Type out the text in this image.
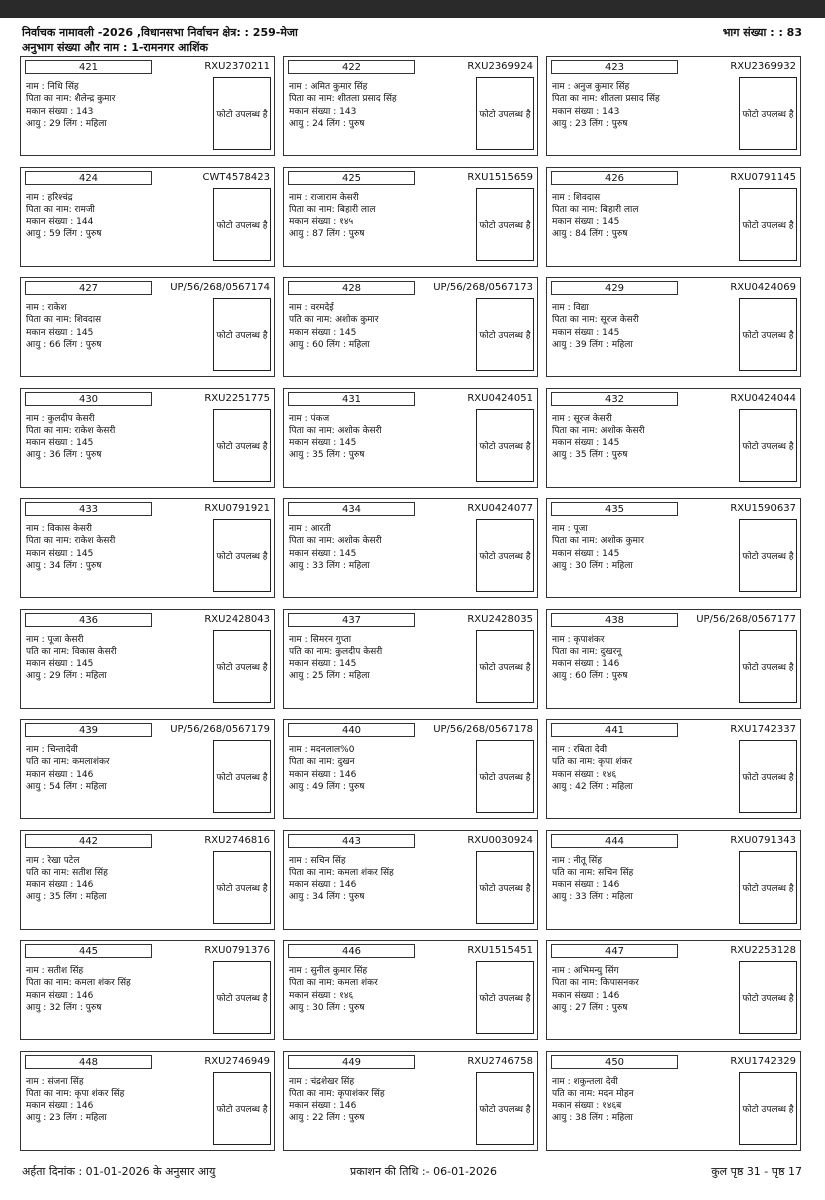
निर्वाचक नामावली -2026 ,विधानसभा निर्वाचन क्षेत्र: : 259-मेजा	भाग संख्या : : 83
अनुभाग संख्या और नाम : 1-रामनगर आशिंक
421	RXU2370211
नाम : निधि सिंह
पिता का नाम: शैलेन्द्र कुमार
मकान संख्या : 143
आयु : 29 लिंग : महिला
फोटो उपलब्ध है
422	RXU2369924
नाम : अमित कुमार सिंह
पिता का नाम: शीतला प्रसाद सिंह
मकान संख्या : 143
आयु : 24 लिंग : पुरुष
फोटो उपलब्ध है
423	RXU2369932
नाम : अनुज कुमार सिंह
पिता का नाम: शीतला प्रसाद सिंह
मकान संख्या : 143
आयु : 23 लिंग : पुरुष
फोटो उपलब्ध है
424	CWT4578423
नाम : हरिश्चंद्र
पिता का नाम: रामजी
मकान संख्या : 144
आयु : 59 लिंग : पुरुष
फोटो उपलब्ध है
425	RXU1515659
नाम : राजाराम केसरी
पिता का नाम: बिहारी लाल
मकान संख्या : १४५
आयु : 87 लिंग : पुरुष
फोटो उपलब्ध है
426	RXU0791145
नाम : शिवदास
पिता का नाम: बिहारी लाल
मकान संख्या : 145
आयु : 84 लिंग : पुरुष
फोटो उपलब्ध है
427	UP/56/268/0567174
नाम : राकेश
पिता का नाम: शिवदास
मकान संख्या : 145
आयु : 66 लिंग : पुरुष
फोटो उपलब्ध है
428	UP/56/268/0567173
नाम : वरमदेई
पति का नाम: अशोक कुमार
मकान संख्या : 145
आयु : 60 लिंग : महिला
फोटो उपलब्ध है
429	RXU0424069
नाम : विद्या
पिता का नाम: सूरज केसरी
मकान संख्या : 145
आयु : 39 लिंग : महिला
फोटो उपलब्ध है
430	RXU2251775
नाम : कुलदीप केसरी
पिता का नाम: राकेश केसरी
मकान संख्या : 145
आयु : 36 लिंग : पुरुष
फोटो उपलब्ध है
431	RXU0424051
नाम : पंकज
पिता का नाम: अशोक केसरी
मकान संख्या : 145
आयु : 35 लिंग : पुरुष
फोटो उपलब्ध है
432	RXU0424044
नाम : सूरज केसरी
पिता का नाम: अशोक केसरी
मकान संख्या : 145
आयु : 35 लिंग : पुरुष
फोटो उपलब्ध है
433	RXU0791921
नाम : विकास केसरी
पिता का नाम: राकेश केसरी
मकान संख्या : 145
आयु : 34 लिंग : पुरुष
फोटो उपलब्ध है
434	RXU0424077
नाम : आरती
पिता का नाम: अशोक केसरी
मकान संख्या : 145
आयु : 33 लिंग : महिला
फोटो उपलब्ध है
435	RXU1590637
नाम : पूजा
पिता का नाम: अशोक कुमार
मकान संख्या : 145
आयु : 30 लिंग : महिला
फोटो उपलब्ध है
436	RXU2428043
नाम : पूजा केसरी
पति का नाम: विकास केसरी
मकान संख्या : 145
आयु : 29 लिंग : महिला
फोटो उपलब्ध है
437	RXU2428035
नाम : सिमरन गुप्ता
पति का नाम: कुलदीप केसरी
मकान संख्या : 145
आयु : 25 लिंग : महिला
फोटो उपलब्ध है
438	UP/56/268/0567177
नाम : कृपाशंकर
पिता का नाम: दुखरनू
मकान संख्या : 146
आयु : 60 लिंग : पुरुष
फोटो उपलब्ध है
439	UP/56/268/0567179
नाम : चिन्तादेवी
पति का नाम: कमलाशंकर
मकान संख्या : 146
आयु : 54 लिंग : महिला
फोटो उपलब्ध है
440	UP/56/268/0567178
नाम : मदनलाल%0
पिता का नाम: दुखन
मकान संख्या : 146
आयु : 49 लिंग : पुरुष
फोटो उपलब्ध है
441	RXU1742337
नाम : रबिता देवी
पति का नाम: कृपा शंकर
मकान संख्या : १४६
आयु : 42 लिंग : महिला
फोटो उपलब्ध है
442	RXU2746816
नाम : रेखा पटेल
पति का नाम: सतीश सिंह
मकान संख्या : 146
आयु : 35 लिंग : महिला
फोटो उपलब्ध है
443	RXU0030924
नाम : सचिन सिंह
पिता का नाम: कमला शंकर सिंह
मकान संख्या : 146
आयु : 34 लिंग : पुरुष
फोटो उपलब्ध है
444	RXU0791343
नाम : नीतू सिंह
पति का नाम: सचिन सिंह
मकान संख्या : 146
आयु : 33 लिंग : महिला
फोटो उपलब्ध है
445	RXU0791376
नाम : सतीश सिंह
पिता का नाम: कमला शंकर सिंह
मकान संख्या : 146
आयु : 32 लिंग : पुरुष
फोटो उपलब्ध है
446	RXU1515451
नाम : सुनील कुमार सिंह
पिता का नाम: कमला शंकर
मकान संख्या : १४६
आयु : 30 लिंग : पुरुष
फोटो उपलब्ध है
447	RXU2253128
नाम : अभिमन्यु सिंग
पिता का नाम: किपासनकर
मकान संख्या : 146
आयु : 27 लिंग : पुरुष
फोटो उपलब्ध है
448	RXU2746949
नाम : संजना सिंह
पिता का नाम: कृपा शंकर सिंह
मकान संख्या : 146
आयु : 23 लिंग : महिला
फोटो उपलब्ध है
449	RXU2746758
नाम : चंद्रशेखर सिंह
पिता का नाम: कृपाशंकर सिंह
मकान संख्या : 146
आयु : 22 लिंग : पुरुष
फोटो उपलब्ध है
450	RXU1742329
नाम : शकुन्तला देवी
पति का नाम: मदन मोहन
मकान संख्या : १४६ब
आयु : 38 लिंग : महिला
फोटो उपलब्ध है
अर्हता दिनांक : 01-01-2026 के अनुसार आयु	प्रकाशन की तिथि :- 06-01-2026	कुल पृष्ठ 31 - पृष्ठ 17
